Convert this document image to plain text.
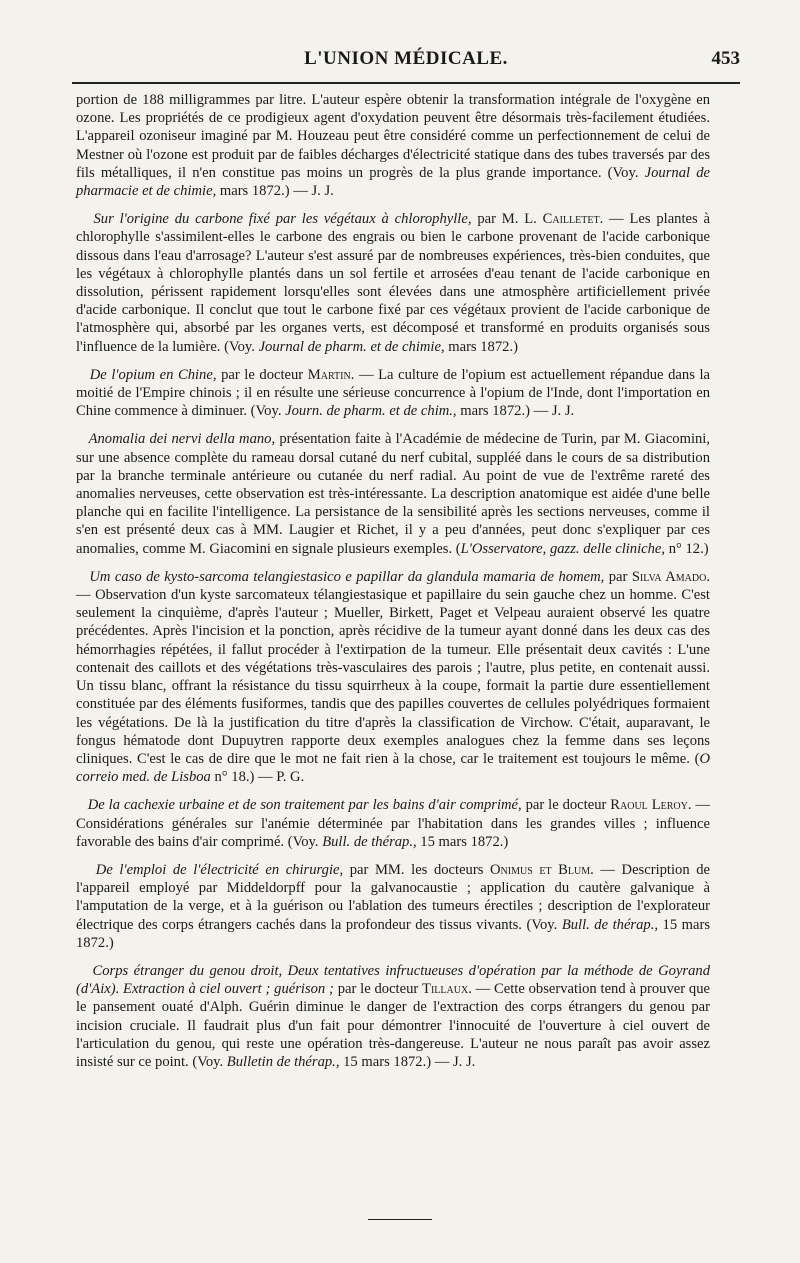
L'UNION MÉDICALE.	453

portion de 188 milligrammes par litre. L'auteur espère obtenir la transformation intégrale de l'oxygène en ozone. Les propriétés de ce prodigieux agent d'oxydation peuvent être désormais très-facilement étudiées. L'appareil ozoniseur imaginé par M. Houzeau peut être considéré comme un perfectionnement de celui de Mestner où l'ozone est produit par de faibles décharges d'électricité statique dans des tubes traversés par des fils métalliques, il n'en constitue pas moins un progrès de la plus grande importance. (Voy. Journal de pharmacie et de chimie, mars 1872.) — J. J.

Sur l'origine du carbone fixé par les végétaux à chlorophylle, par M. L. Cailletet. — Les plantes à chlorophylle s'assimilent-elles le carbone des engrais ou bien le carbone provenant de l'acide carbonique dissous dans l'eau d'arrosage? L'auteur s'est assuré par de nombreuses expériences, très-bien conduites, que les végétaux à chlorophylle plantés dans un sol fertile et arrosées d'eau tenant de l'acide carbonique en dissolution, périssent rapidement lorsqu'elles sont élevées dans une atmosphère artificiellement privée d'acide carbonique. Il conclut que tout le carbone fixé par ces végétaux provient de l'acide carbonique de l'atmosphère qui, absorbé par les organes verts, est décomposé et transformé en produits organisés sous l'influence de la lumière. (Voy. Journal de pharm. et de chimie, mars 1872.)

De l'opium en Chine, par le docteur Martin. — La culture de l'opium est actuellement répandue dans la moitié de l'Empire chinois ; il en résulte une sérieuse concurrence à l'opium de l'Inde, dont l'importation en Chine commence à diminuer. (Voy. Journ. de pharm. et de chim., mars 1872.) — J. J.

Anomalia dei nervi della mano, présentation faite à l'Académie de médecine de Turin, par M. Giacomini, sur une absence complète du rameau dorsal cutané du nerf cubital, suppléé dans le cours de sa distribution par la branche terminale antérieure ou cutanée du nerf radial. Au point de vue de l'extrême rareté des anomalies nerveuses, cette observation est très-intéressante. La description anatomique est aidée d'une belle planche qui en facilite l'intelligence. La persistance de la sensibilité après les sections nerveuses, comme il s'en est présenté deux cas à MM. Laugier et Richet, il y a peu d'années, peut donc s'expliquer par ces anomalies, comme M. Giacomini en signale plusieurs exemples. (L'Osservatore, gazz. delle cliniche, n° 12.)

Um caso de kysto-sarcoma telangiestasico e papillar da glandula mamaria de homem, par Silva Amado. — Observation d'un kyste sarcomateux télangiestasique et papillaire du sein gauche chez un homme. C'est seulement la cinquième, d'après l'auteur ; Mueller, Birkett, Paget et Velpeau auraient observé les quatre précédentes. Après l'incision et la ponction, après récidive de la tumeur ayant donné dans les deux cas des hémorrhagies répétées, il fallut procéder à l'extirpation de la tumeur. Elle présentait deux cavités : L'une contenait des caillots et des végétations très-vasculaires des parois ; l'autre, plus petite, en contenait aussi. Un tissu blanc, offrant la résistance du tissu squirrheux à la coupe, formait la partie dure essentiellement constituée par des éléments fusiformes, tandis que des papilles couvertes de cellules polyédriques formaient les végétations. De là la justification du titre d'après la classification de Virchow. C'était, auparavant, le fongus hématode dont Dupuytren rapporte deux exemples analogues chez la femme dans ses leçons cliniques. C'est le cas de dire que le mot ne fait rien à la chose, car le traitement est toujours le même. (O correio med. de Lisboa n° 18.) — P. G.

De la cachexie urbaine et de son traitement par les bains d'air comprimé, par le docteur Raoul Leroy. — Considérations générales sur l'anémie déterminée par l'habitation dans les grandes villes ; influence favorable des bains d'air comprimé. (Voy. Bull. de thérap., 15 mars 1872.)

De l'emploi de l'électricité en chirurgie, par MM. les docteurs Onimus et Blum. — Description de l'appareil employé par Middeldorpff pour la galvanocaustie ; application du cautère galvanique à l'amputation de la verge, et à la guérison ou l'ablation des tumeurs érectiles ; description de l'explorateur électrique des corps étrangers cachés dans la profondeur des tissus vivants. (Voy. Bull. de thérap., 15 mars 1872.)

Corps étranger du genou droit, Deux tentatives infructueuses d'opération par la méthode de Goyrand (d'Aix). Extraction à ciel ouvert ; guérison ; par le docteur Tillaux. — Cette observation tend à prouver que le pansement ouaté d'Alph. Guérin diminue le danger de l'extraction des corps étrangers du genou par incision cruciale. Il faudrait plus d'un fait pour démontrer l'innocuité de l'ouverture à ciel ouvert de l'articulation du genou, qui reste une opération très-dangereuse. L'auteur ne nous paraît pas avoir assez insisté sur ce point. (Voy. Bulletin de thérap., 15 mars 1872.) — J. J.
